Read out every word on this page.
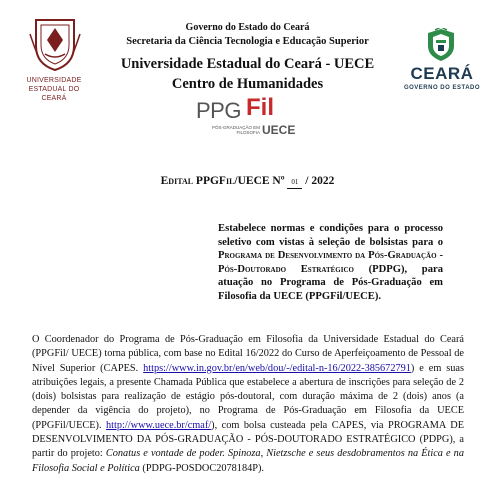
Governo do Estado do Ceará
Secretaria da Ciência Tecnologia e Educação Superior
Universidade Estadual do Ceará - UECE
Centro de Humanidades
UNIVERSIDADE
ESTADUAL DO CEARÁ
CEARÁ
GOVERNO DO ESTADO
PPG Fil
PÓS-GRADUAÇÃO EM FILOSOFIA UECE
Edital PPGFil/UECE Nº 01 / 2022
Estabelece normas e condições para o processo seletivo com vistas à seleção de bolsistas para o Programa de Desenvolvimento da Pós-Graduação - Pós-Doutorado Estratégico (PDPG), para atuação no Programa de Pós-Graduação em Filosofia da UECE (PPGFil/UECE).
O Coordenador do Programa de Pós-Graduação em Filosofia da Universidade Estadual do Ceará (PPGFil/ UECE) torna pública, com base no Edital 16/2022 do Curso de Aperfeiçoamento de Pessoal de Nível Superior (CAPES. https://www.in.gov.br/en/web/dou/-/edital-n-16/2022-385672791) e em suas atribuições legais, a presente Chamada Pública que estabelece a abertura de inscrições para seleção de 2 (dois) bolsistas para realização de estágio pós-doutoral, com duração máxima de 2 (dois) anos (a depender da vigência do projeto), no Programa de Pós-Graduação em Filosofia da UECE (PPGFil/UECE). http://www.uece.br/cmaf/), com bolsa custeada pela CAPES, via PROGRAMA DE DESENVOLVIMENTO DA PÓS-GRADUAÇÃO - PÓS-DOUTORADO ESTRATÉGICO (PDPG), a partir do projeto: Conatus e vontade de poder. Spinoza, Nietzsche e seus desdobramentos na Ética e na Filosofia Social e Política (PDPG-POSDOC2078184P).
